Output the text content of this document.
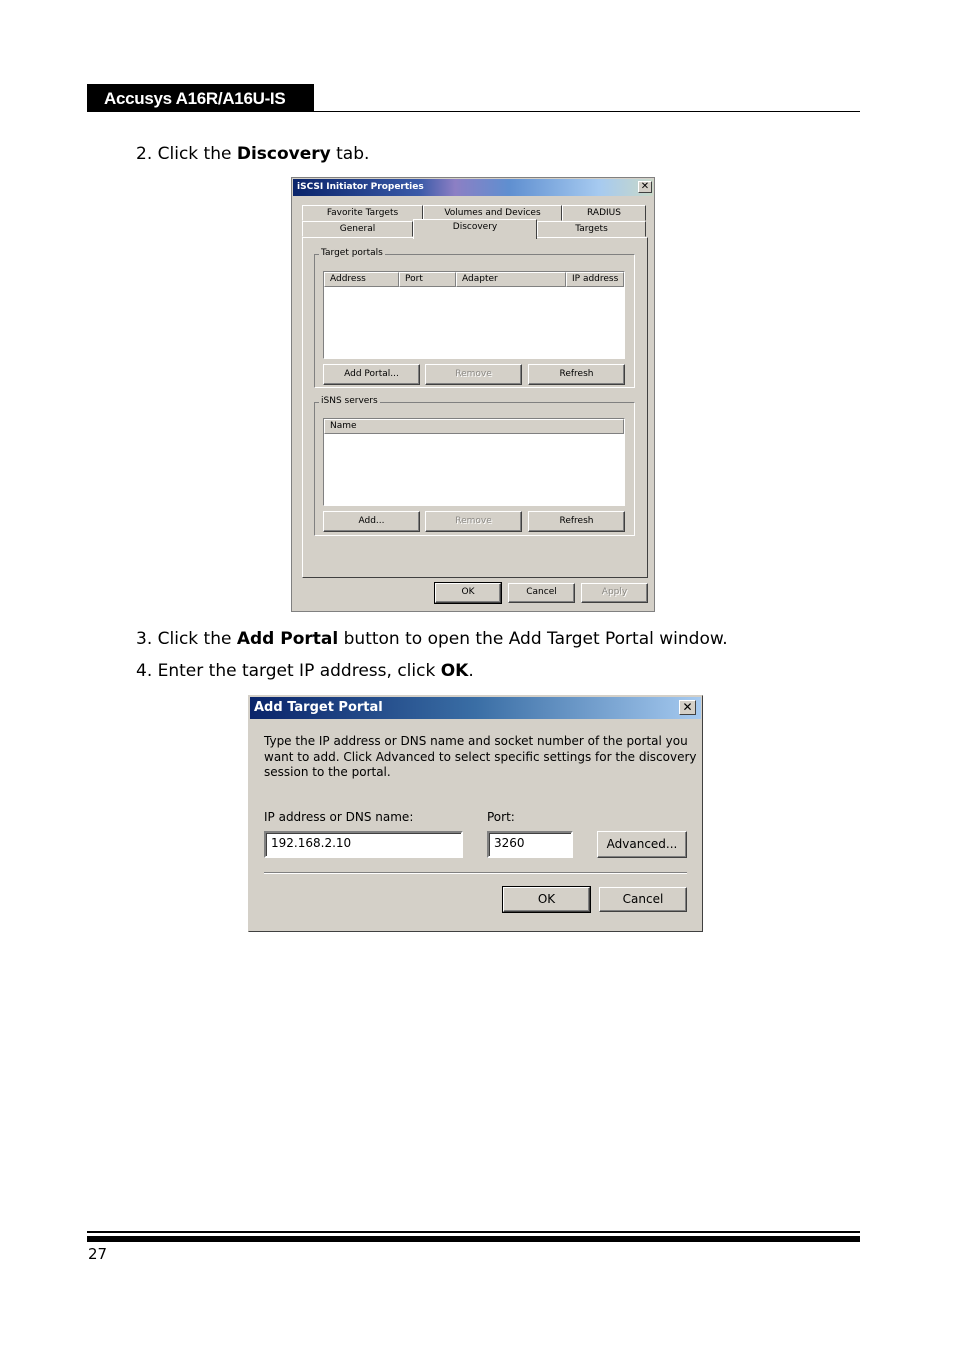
Accusys A16R/A16U-IS
2. Click the Discovery tab.
iSCSI Initiator Properties	✕
Favorite Targets	Volumes and Devices	RADIUS
General	Discovery	Targets
Target portals
Address	Port	Adapter	IP address
Add Portal...	Remove	Refresh
iSNS servers
Name
Add...	Remove	Refresh
OK	Cancel	Apply
3. Click the Add Portal button to open the Add Target Portal window.
4. Enter the target IP address, click OK.
Add Target Portal	✕
Type the IP address or DNS name and socket number of the portal you
want to add. Click Advanced to select specific settings for the discovery
session to the portal.
IP address or DNS name:	Port:
192.168.2.10	3260	Advanced...
OK	Cancel
27
